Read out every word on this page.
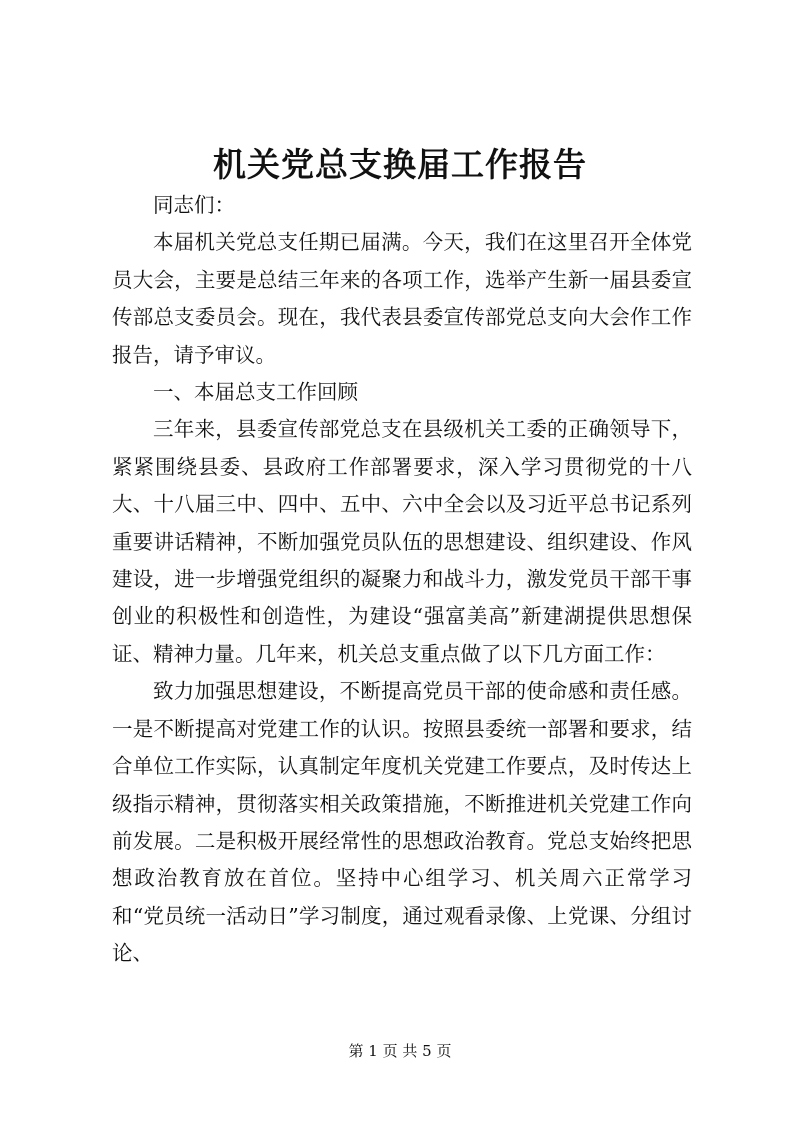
机关党总支换届工作报告

同志们：

本届机关党总支任期已届满。今天，我们在这里召开全体党员大会，主要是总结三年来的各项工作，选举产生新一届县委宣传部总支委员会。现在，我代表县委宣传部党总支向大会作工作报告，请予审议。

一、本届总支工作回顾

三年来，县委宣传部党总支在县级机关工委的正确领导下，紧紧围绕县委、县政府工作部署要求，深入学习贯彻党的十八大、十八届三中、四中、五中、六中全会以及习近平总书记系列重要讲话精神，不断加强党员队伍的思想建设、组织建设、作风建设，进一步增强党组织的凝聚力和战斗力，激发党员干部干事创业的积极性和创造性，为建设“强富美高”新建湖提供思想保证、精神力量。几年来，机关总支重点做了以下几方面工作：

致力加强思想建设，不断提高党员干部的使命感和责任感。一是不断提高对党建工作的认识。按照县委统一部署和要求，结合单位工作实际，认真制定年度机关党建工作要点，及时传达上级指示精神，贯彻落实相关政策措施，不断推进机关党建工作向前发展。二是积极开展经常性的思想政治教育。党总支始终把思想政治教育放在首位。坚持中心组学习、机关周六正常学习和“党员统一活动日”学习制度，通过观看录像、上党课、分组讨论、

第 1 页 共 5 页
